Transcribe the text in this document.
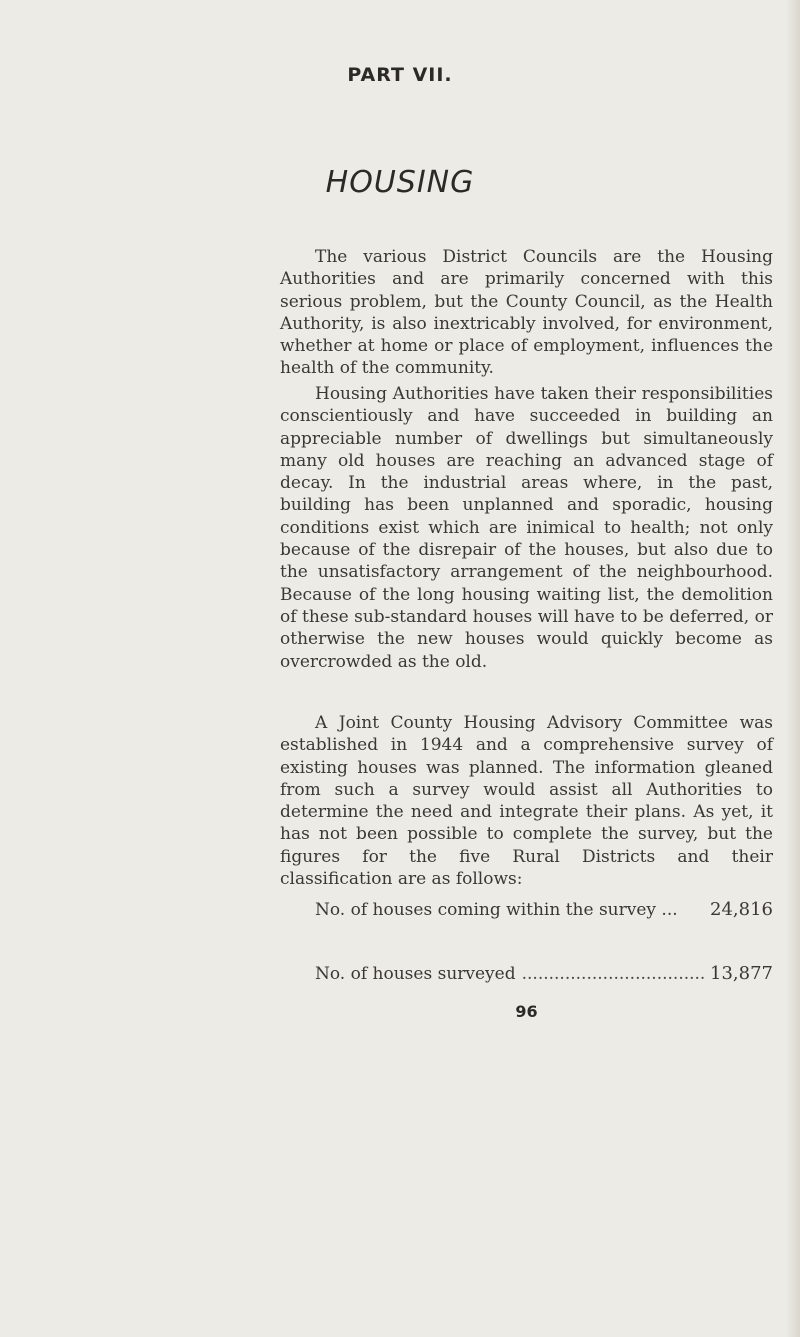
PART VII.
HOUSING

The various District Councils are the Housing Authorities and are primarily concerned with this serious problem, but the County Council, as the Health Authority, is also inextricably involved, for environment, whether at home or place of employment, influences the health of the community.

Housing Authorities have taken their responsibilities conscientiously and have succeeded in building an appreciable number of dwellings but simultaneously many old houses are reaching an advanced stage of decay. In the industrial areas where, in the past, building has been unplanned and sporadic, housing conditions exist which are inimical to health; not only because of the disrepair of the houses, but also due to the unsatisfactory arrangement of the neighbourhood. Because of the long housing waiting list, the demolition of these sub-standard houses will have to be deferred, or otherwise the new houses would quickly become as overcrowded as the old.

A Joint County Housing Advisory Committee was established in 1944 and a comprehensive survey of existing houses was planned. The information gleaned from such a survey would assist all Authorities to determine the need and integrate their plans. As yet, it has not been possible to complete the survey, but the figures for the five Rural Districts and their classification are as follows:

No. of houses coming within the survey ... 24,816
No. of houses surveyed
.....	13,877
96
